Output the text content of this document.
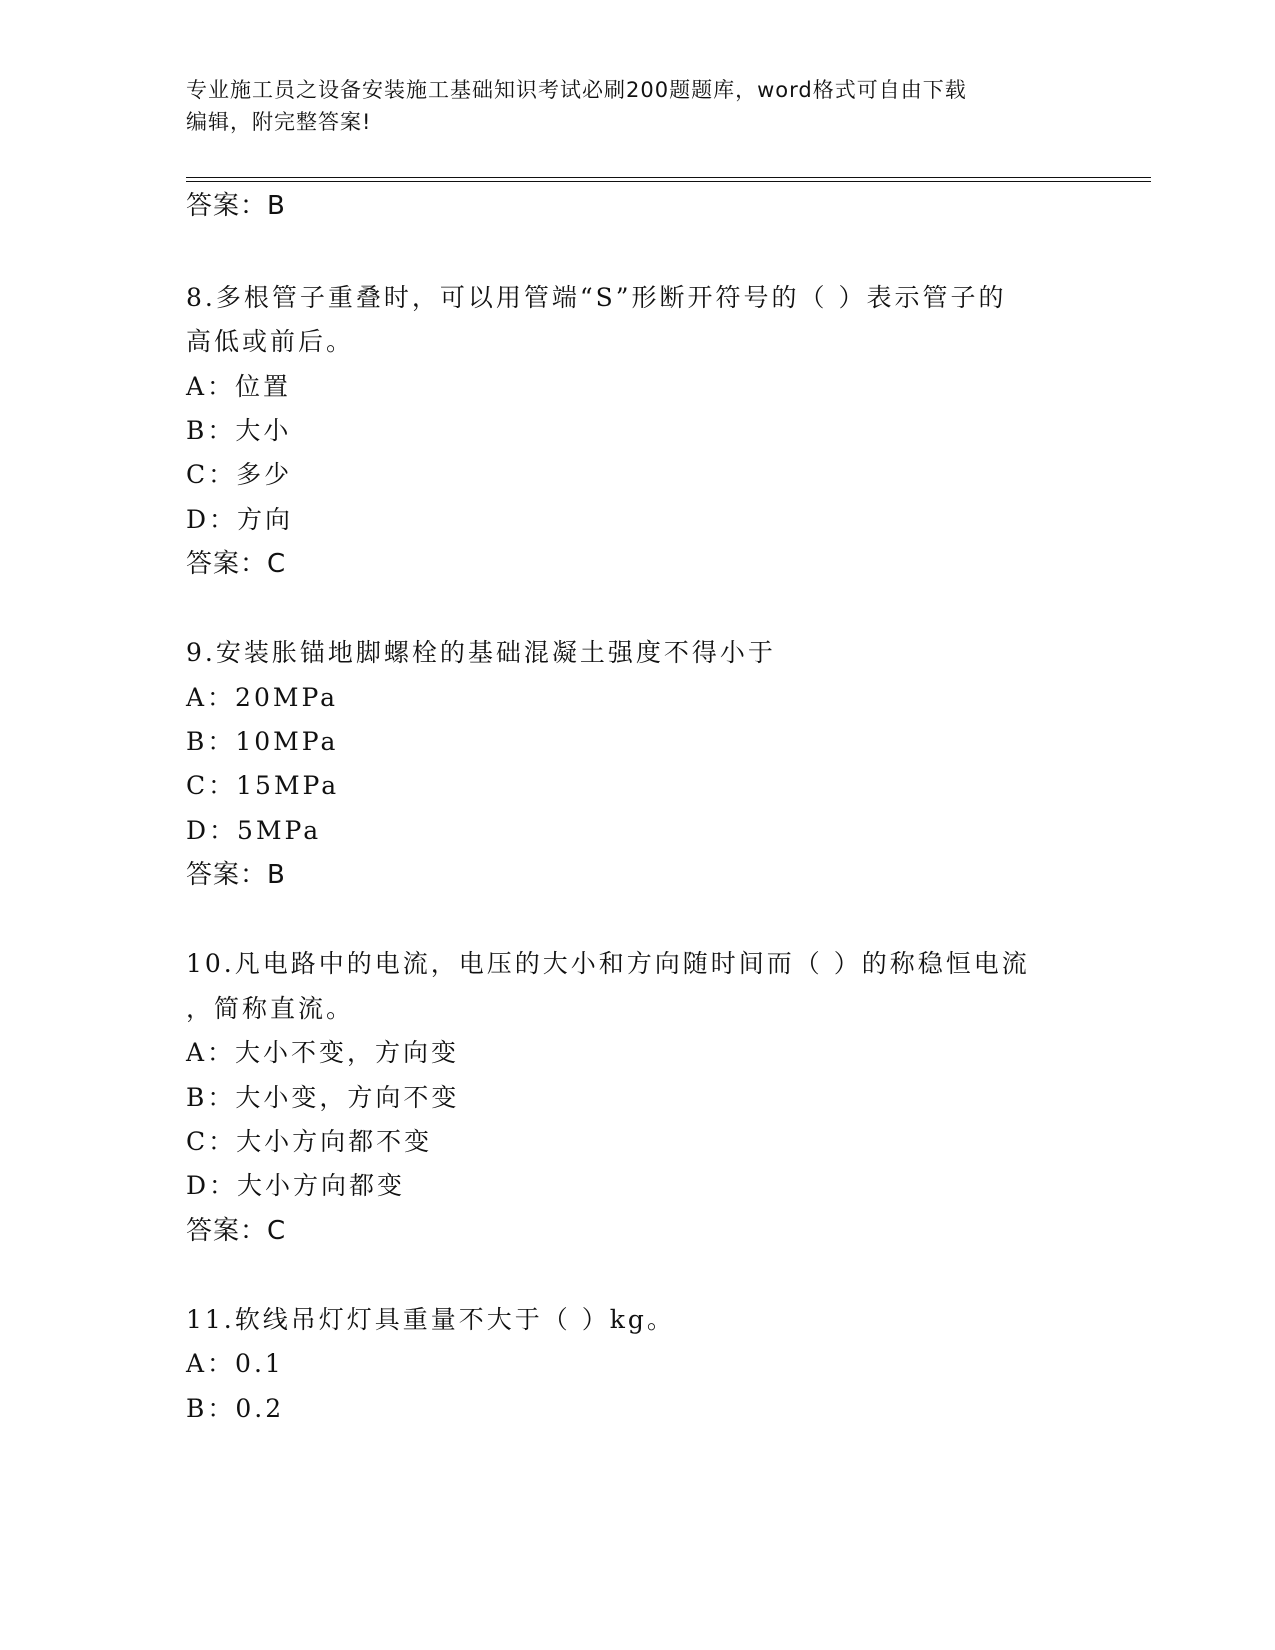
专业施工员之设备安装施工基础知识考试必刷200题题库，word格式可自由下载
编辑，附完整答案!
答案：B
8.多根管子重叠时，可以用管端“S”形断开符号的（ ）表示管子的
高低或前后。
A：位置
B：大小
C：多少
D：方向
答案：C
9.安装胀锚地脚螺栓的基础混凝土强度不得小于
A：20MPa
B：10MPa
C：15MPa
D：5MPa
答案：B
10.凡电路中的电流，电压的大小和方向随时间而（ ）的称稳恒电流
，简称直流。
A：大小不变，方向变
B：大小变，方向不变
C：大小方向都不变
D：大小方向都变
答案：C
11.软线吊灯灯具重量不大于（ ）kg。
A：0.1
B：0.2
